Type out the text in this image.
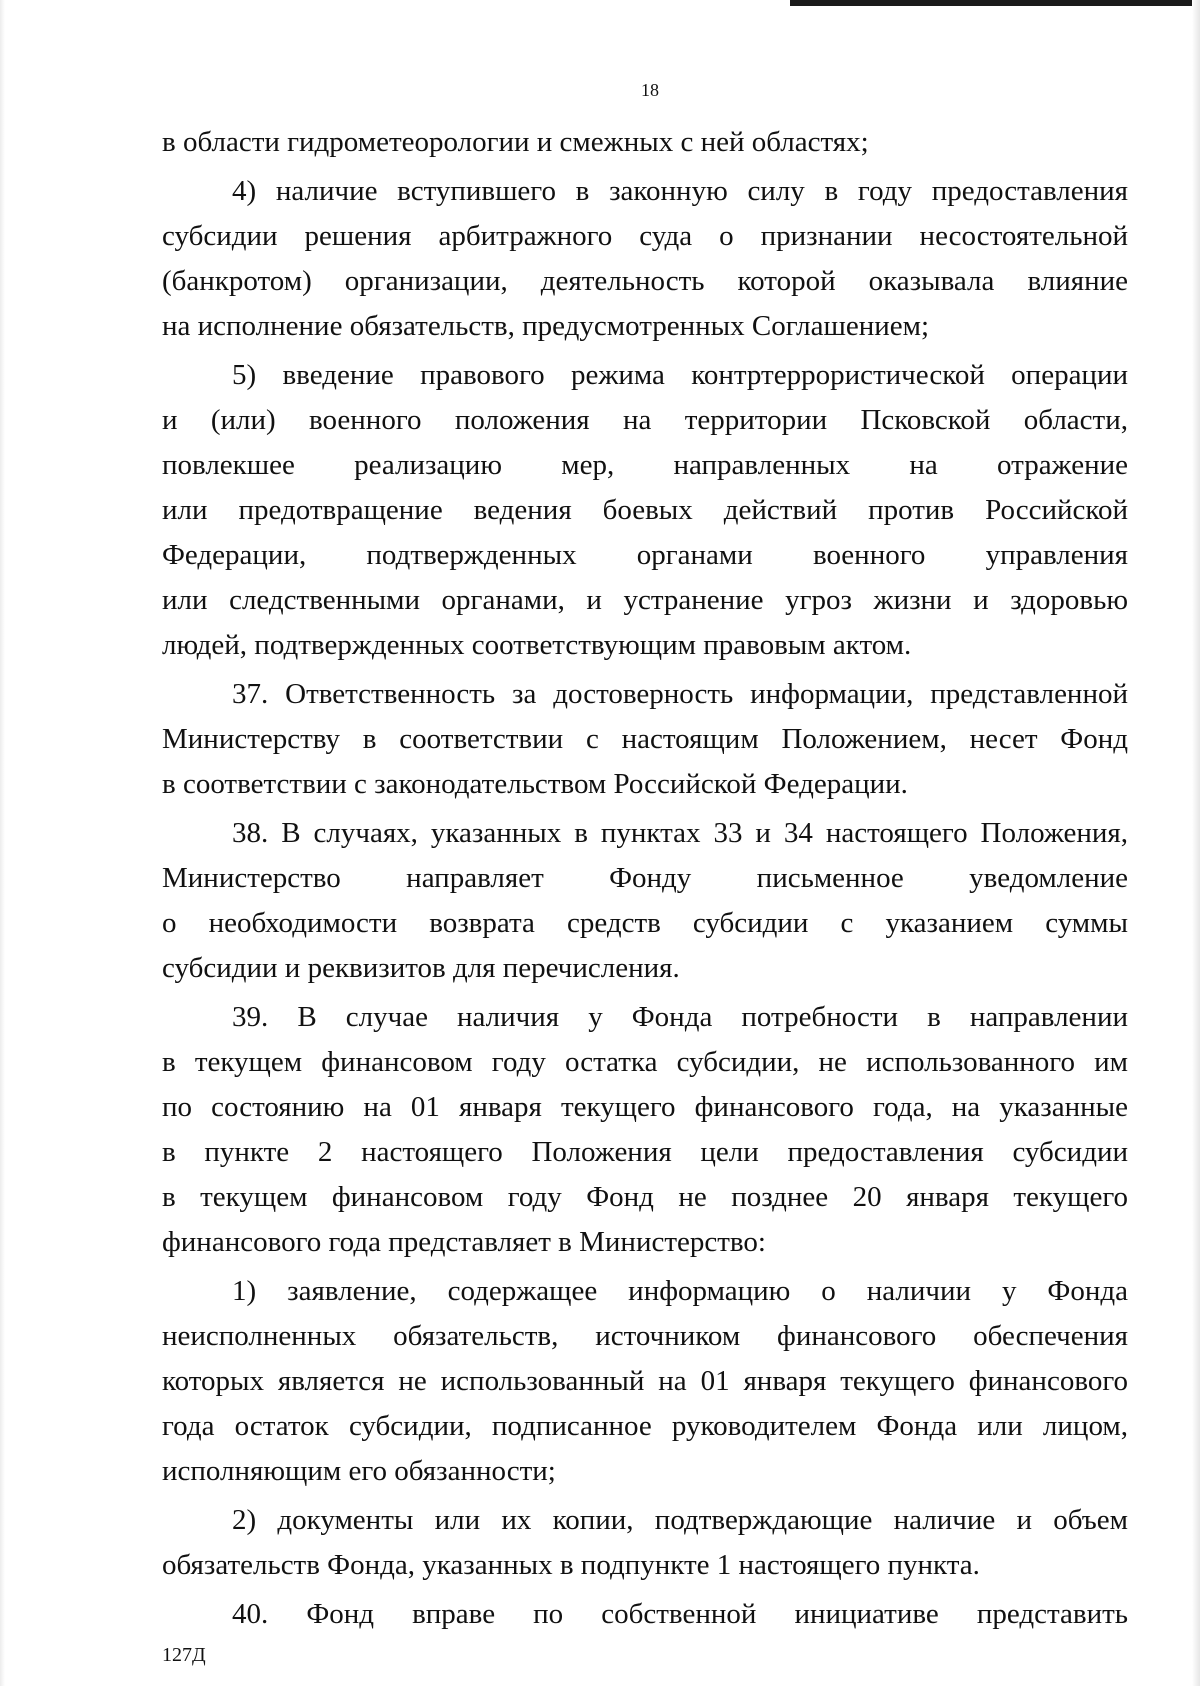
18
в области гидрометеорологии и смежных с ней областях;
4) наличие вступившего в законную силу в году предоставления
субсидии решения арбитражного суда о признании несостоятельной
(банкротом) организации, деятельность которой оказывала влияние
на исполнение обязательств, предусмотренных Соглашением;
5) введение правового режима контртеррористической операции
и (или) военного положения на территории Псковской области,
повлекшее реализацию мер, направленных на отражение
или предотвращение ведения боевых действий против Российской
Федерации, подтвержденных органами военного управления
или следственными органами, и устранение угроз жизни и здоровью
людей, подтвержденных соответствующим правовым актом.
37. Ответственность за достоверность информации, представленной
Министерству в соответствии с настоящим Положением, несет Фонд
в соответствии с законодательством Российской Федерации.
38. В случаях, указанных в пунктах 33 и 34 настоящего Положения,
Министерство направляет Фонду письменное уведомление
о необходимости возврата средств субсидии с указанием суммы
субсидии и реквизитов для перечисления.
39. В случае наличия у Фонда потребности в направлении
в текущем финансовом году остатка субсидии, не использованного им
по состоянию на 01 января текущего финансового года, на указанные
в пункте 2 настоящего Положения цели предоставления субсидии
в текущем финансовом году Фонд не позднее 20 января текущего
финансового года представляет в Министерство:
1) заявление, содержащее информацию о наличии у Фонда
неисполненных обязательств, источником финансового обеспечения
которых является не использованный на 01 января текущего финансового
года остаток субсидии, подписанное руководителем Фонда или лицом,
исполняющим его обязанности;
2) документы или их копии, подтверждающие наличие и объем
обязательств Фонда, указанных в подпункте 1 настоящего пункта.
40. Фонд вправе по собственной инициативе представить
127Д
